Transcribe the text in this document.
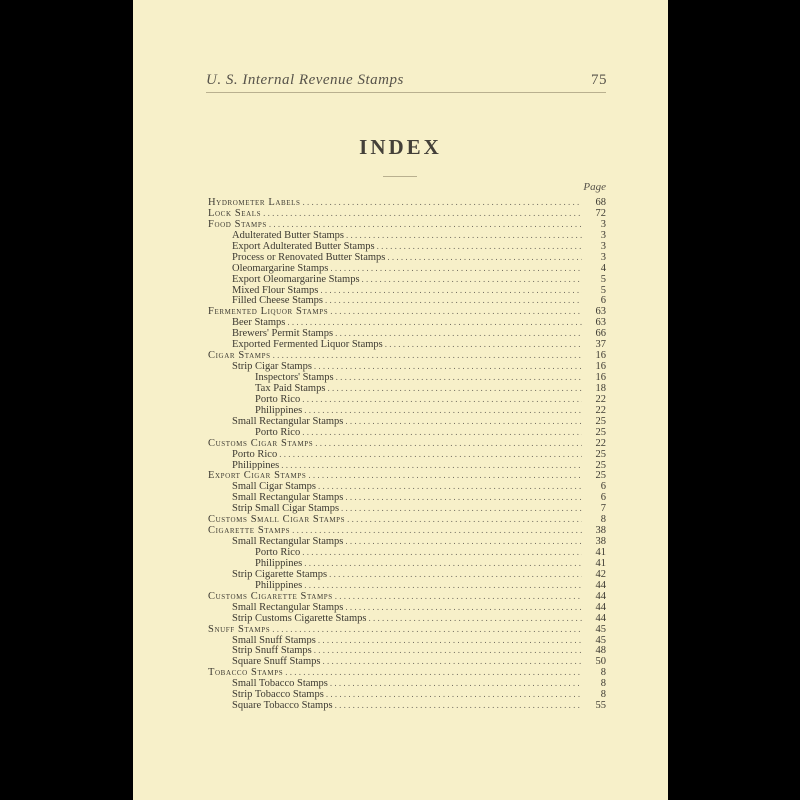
U. S. Internal Revenue Stamps	75
INDEX
Page
Hydrometer Labels . . .	68
Lock Seals . . .	72
Food Stamps . . .	3
Adulterated Butter Stamps . . .	3
Export Adulterated Butter Stamps . . .	3
Process or Renovated Butter Stamps . . .	3
Oleomargarine Stamps . . .	4
Export Oleomargarine Stamps . . .	5
Mixed Flour Stamps . . .	5
Filled Cheese Stamps . . .	6
Fermented Liquor Stamps . . .	63
Beer Stamps . . .	63
Brewers' Permit Stamps . . .	66
Exported Fermented Liquor Stamps . . .	37
Cigar Stamps . . .	16
Strip Cigar Stamps . . .	16
Inspectors' Stamps . . .	16
Tax Paid Stamps . . .	18
Porto Rico . . .	22
Philippines . . .	22
Small Rectangular Stamps . . .	25
Porto Rico . . .	25
Customs Cigar Stamps . . .	22
Porto Rico . . .	25
Philippines . . .	25
Export Cigar Stamps . . .	25
Small Cigar Stamps . . .	6
Small Rectangular Stamps . . .	6
Strip Small Cigar Stamps . . .	7
Customs Small Cigar Stamps . . .	8
Cigarette Stamps . . .	38
Small Rectangular Stamps . . .	38
Porto Rico . . .	41
Philippines . . .	41
Strip Cigarette Stamps . . .	42
Philippines . . .	44
Customs Cigarette Stamps . . .	44
Small Rectangular Stamps . . .	44
Strip Customs Cigarette Stamps . . .	44
Snuff Stamps . . .	45
Small Snuff Stamps . . .	45
Strip Snuff Stamps . . .	48
Square Snuff Stamps . . .	50
Tobacco Stamps . . .	8
Small Tobacco Stamps . . .	8
Strip Tobacco Stamps . . .	8
Square Tobacco Stamps . . .	55
